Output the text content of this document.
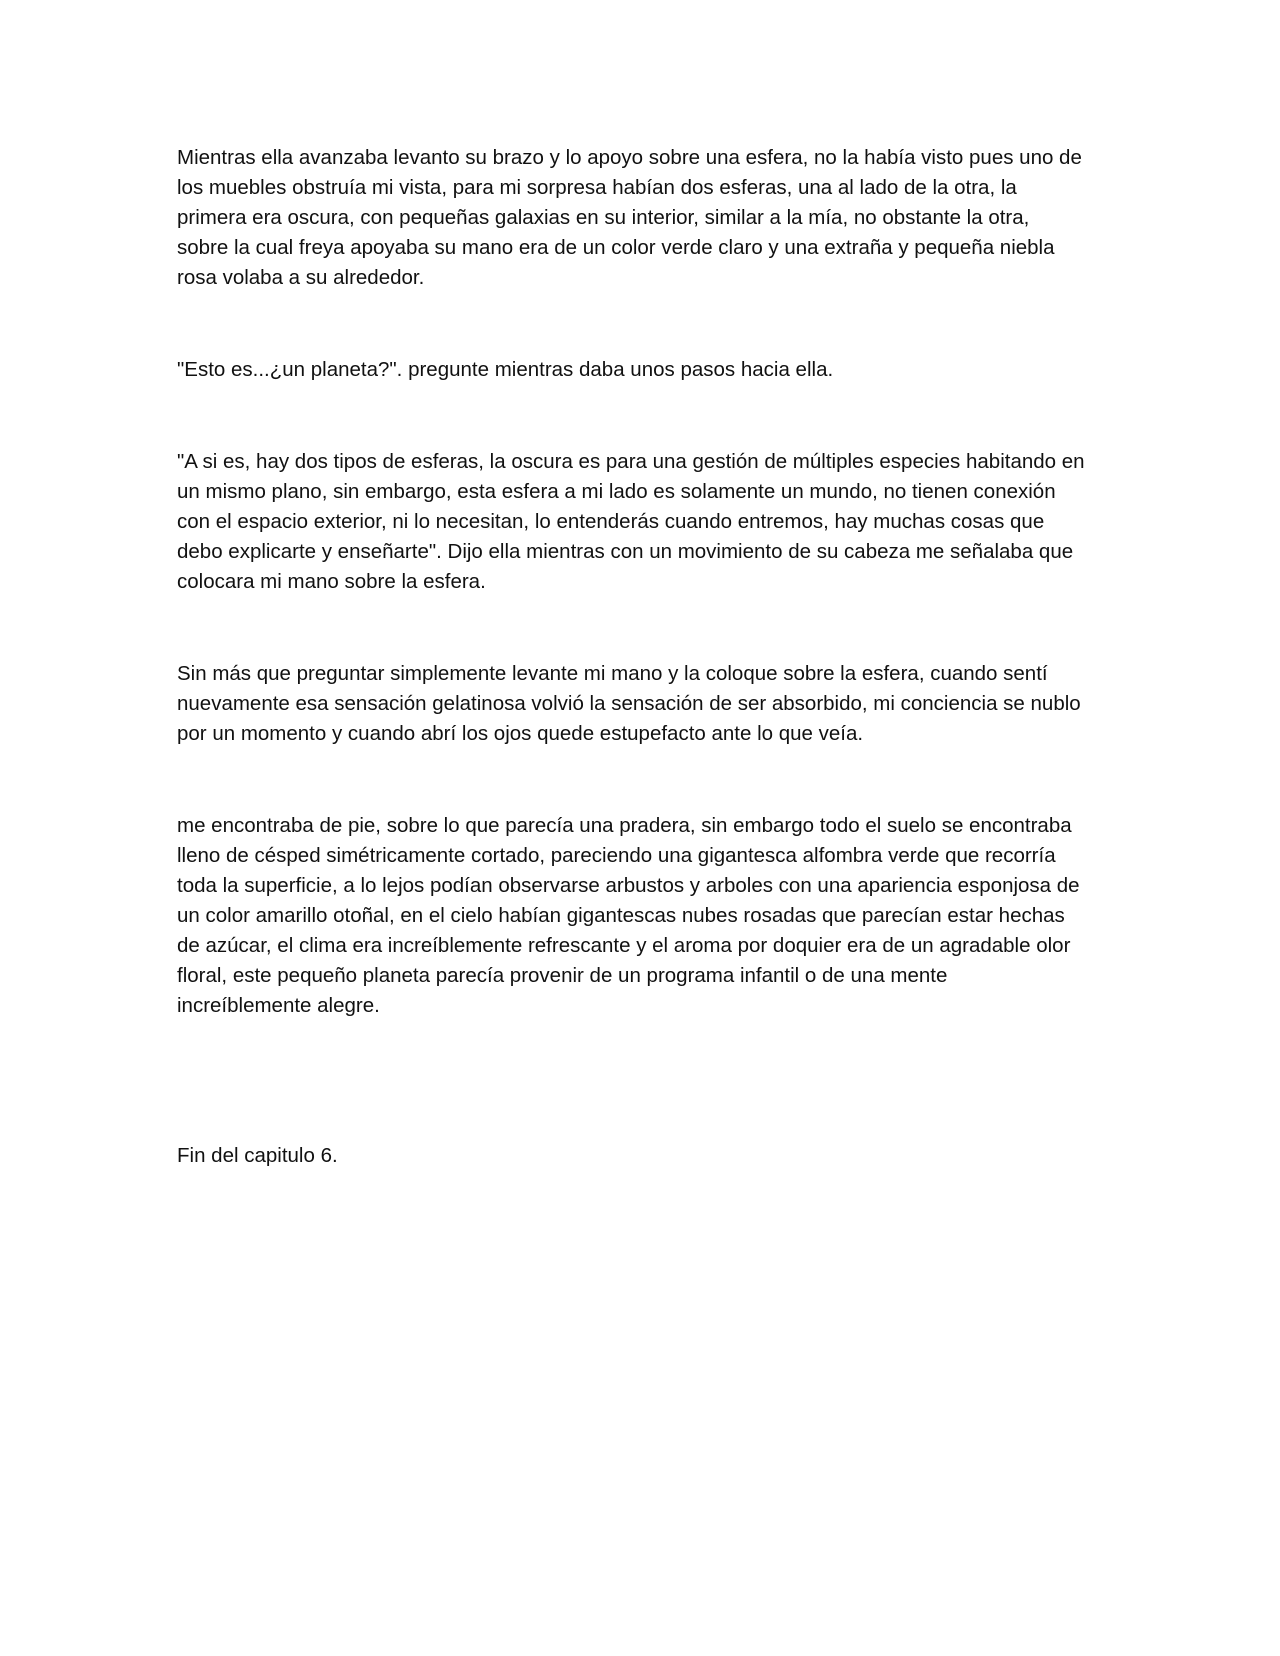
Mientras ella avanzaba levanto su brazo y lo apoyo sobre una esfera, no la había visto pues uno de
los muebles obstruía mi vista, para mi sorpresa habían dos esferas, una al lado de la otra, la
primera era oscura, con pequeñas galaxias en su interior, similar a la mía, no obstante la otra,
sobre la cual freya apoyaba su mano era de un color verde claro y una extraña y pequeña niebla
rosa volaba a su alrededor.

"Esto es...¿un planeta?". pregunte mientras daba unos pasos hacia ella.

"A si es, hay dos tipos de esferas, la oscura es para una gestión de múltiples especies habitando en
un mismo plano, sin embargo, esta esfera a mi lado es solamente un mundo, no tienen conexión
con el espacio exterior, ni lo necesitan, lo entenderás cuando entremos, hay muchas cosas que
debo explicarte y enseñarte". Dijo ella mientras con un movimiento de su cabeza me señalaba que
colocara mi mano sobre la esfera.

Sin más que preguntar simplemente levante mi mano y la coloque sobre la esfera, cuando sentí
nuevamente esa sensación gelatinosa volvió la sensación de ser absorbido, mi conciencia se nublo
por un momento y cuando abrí los ojos quede estupefacto ante lo que veía.

me encontraba de pie, sobre lo que parecía una pradera, sin embargo todo el suelo se encontraba
lleno de césped simétricamente cortado, pareciendo una gigantesca alfombra verde que recorría
toda la superficie, a lo lejos podían observarse arbustos y arboles con una apariencia esponjosa de
un color amarillo otoñal, en el cielo habían gigantescas nubes rosadas que parecían estar hechas
de azúcar, el clima era increíblemente refrescante y el aroma por doquier era de un agradable olor
floral, este pequeño planeta parecía provenir de un programa infantil o de una mente
increíblemente alegre.

Fin del capitulo 6.
